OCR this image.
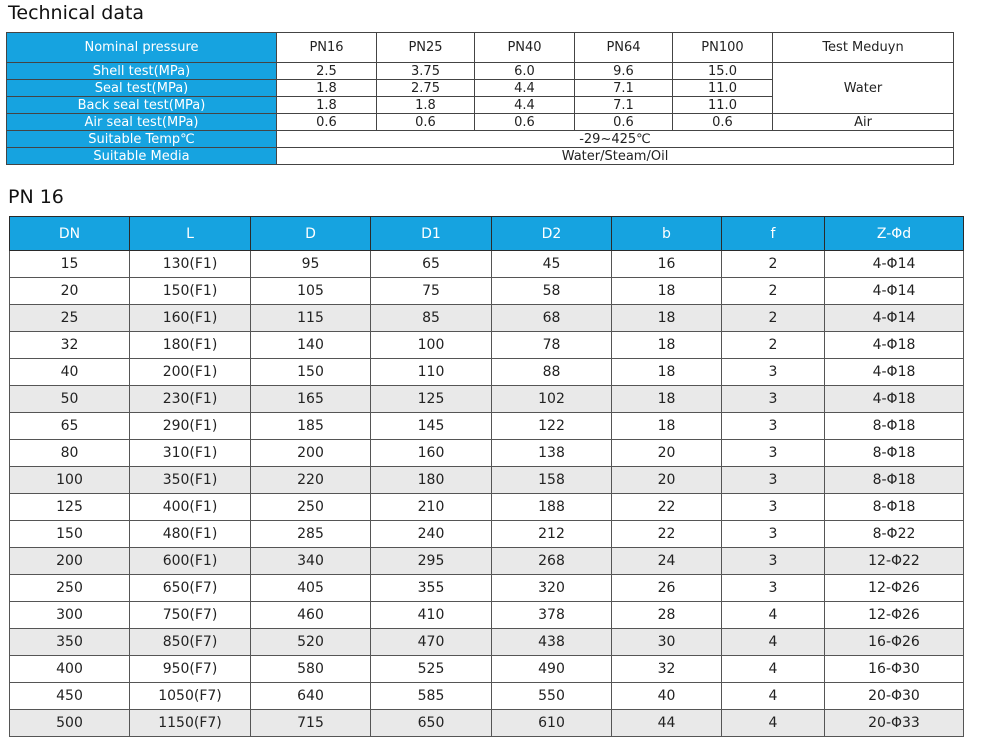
Technical data
Nominal pressure	PN16	PN25	PN40	PN64	PN100	Test Meduyn
Shell test(MPa)	2.5	3.75	6.0	9.6	15.0	Water
Seal test(MPa)	1.8	2.75	4.4	7.1	11.0	
Back seal test(MPa)	1.8	1.8	4.4	7.1	11.0	
Air seal test(MPa)	0.6	0.6	0.6	0.6	0.6	Air
Suitable Temp℃	-29~425℃					
Suitable Media	Water/Steam/Oil					
PN 16
DN	L	D	D1	D2	b	f	Z-Φd
15	130(F1)	95	65	45	16	2	4-Φ14
20	150(F1)	105	75	58	18	2	4-Φ14
25	160(F1)	115	85	68	18	2	4-Φ14
32	180(F1)	140	100	78	18	2	4-Φ18
40	200(F1)	150	110	88	18	3	4-Φ18
50	230(F1)	165	125	102	18	3	4-Φ18
65	290(F1)	185	145	122	18	3	8-Φ18
80	310(F1)	200	160	138	20	3	8-Φ18
100	350(F1)	220	180	158	20	3	8-Φ18
125	400(F1)	250	210	188	22	3	8-Φ18
150	480(F1)	285	240	212	22	3	8-Φ22
200	600(F1)	340	295	268	24	3	12-Φ22
250	650(F7)	405	355	320	26	3	12-Φ26
300	750(F7)	460	410	378	28	4	12-Φ26
350	850(F7)	520	470	438	30	4	16-Φ26
400	950(F7)	580	525	490	32	4	16-Φ30
450	1050(F7)	640	585	550	40	4	20-Φ30
500	1150(F7)	715	650	610	44	4	20-Φ33
